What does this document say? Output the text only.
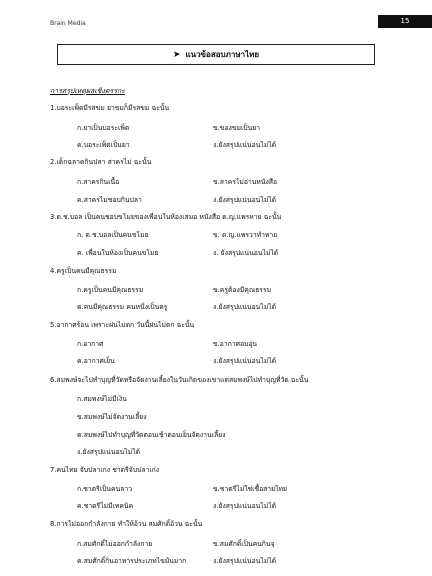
Brain Media	15
➤ แนวข้อสอบภาษาไทย
การสรุปเหตุผลเชิงตรรกะ
1.บอระเพ็ดมีรสขม ยาขมก็มีรสขม ฉะนั้น
ก.ยาเป็นบอระเพ็ด	ข.ของขมเป็นยา
ค.บอระเพ็ดเป็นยา	ง.ยังสรุปแน่นอนไม่ได้
2.เด็กฉลาดกินปลา สาครไม่ ฉะนั้น
ก.สาครกินเนื้อ	ข.สาครไม่อ่านหนังสือ
ค.สาครไม่ชอบกินปลา	ง.ยังสรุปแน่นอนไม่ได้
3.ด.ช.บอล เป็นคนชอบขโมยของเพื่อนในห้องเสมอ หนังสือ ด.ญ.แพรหาย ฉะนั้น
ก. ด.ช.บอลเป็นคนขโมย	ข. ด.ญ.แพรวาทำหาย
ค. เพื่อนในห้องเป็นคนขโมย	ง. ยังสรุปแน่นอนไม่ได้
4.ครูเป็นคนมีคุณธรรม
ก.ครูเป็นคนมีคุณธรรม	ข.ครูต้องมีคุณธรรม
ค.คนมีคุณธรรม คนหนึ่งเป็นครู	ง.ยังสรุปแน่นอนไม่ได้
5.อากาศร้อน เพราะฝนไม่ตก วันนี้ฝนไม่ตก ฉะนั้น
ก.อากาศ	ข.อากาศอบอุ่น
ค.อากาศเย็น	ง.ยังสรุปแน่นอนไม่ได้
6.สมพงษ์จะไปทำบุญที่วัดหรือจัดงานเลี้ยงในวันเกิดของเขาแต่สมพงษ์ไปทำบุญที่วัด ฉะนั้น
ก.สมพงษ์ไม่มีเงิน
ข.สมพงษ์ไม่จัดงานเลี้ยง
ค.สมพงษ์ไปทำบุญที่วัดตอนเช้าตอนเย็นจัดงานเลี้ยง
ง.ยังสรุปแน่นอนไม่ได้
7.คนไทย จับปลาเก่ง ชาตรีจับปลาเก่ง
ก.ชาตรีเป็นคนลาว	ข.ชาตรีไม่ใช่เชื้อสายไทย
ค.ชาตรีไม่มีเทคนิค	ง.ยังสรุปแน่นอนไม่ได้
8.การไม่ออกกำลังกาย ทำให้อ้วน สมศักดิ์อ้วน ฉะนั้น
ก.สมศักดิ์ไม่ออกกำลังกาย	ข.สมศักดิ์เป็นคนกินจุ
ค.สมศักดิ์กินอาหารประเภทไขมันมาก	ง.ยังสรุปแน่นอนไม่ได้
